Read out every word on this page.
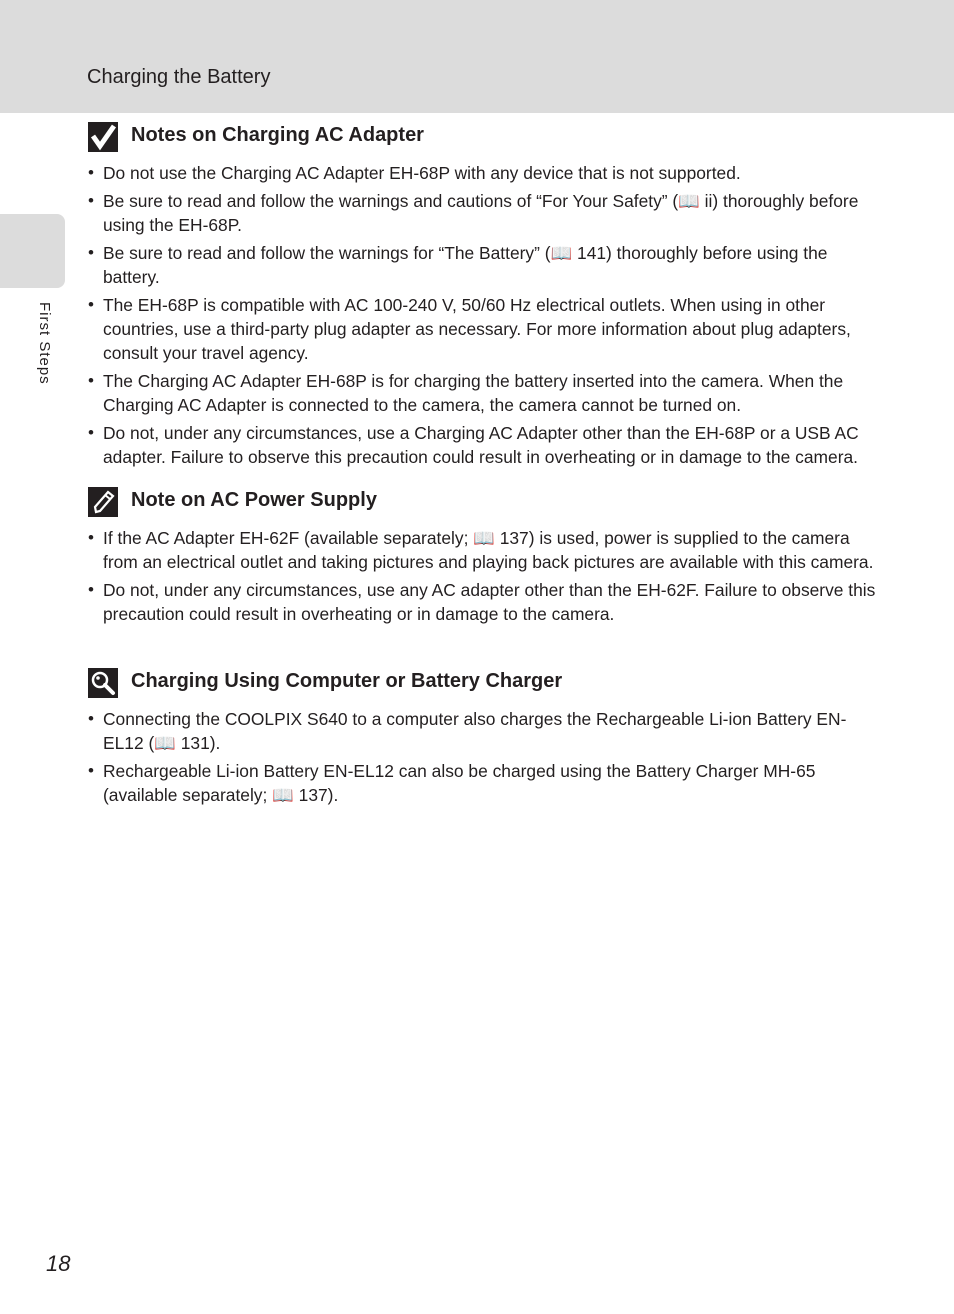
Charging the Battery
First Steps
Notes on Charging AC Adapter
• Do not use the Charging AC Adapter EH-68P with any device that is not supported.
• Be sure to read and follow the warnings and cautions of “For Your Safety” (📖 ii) thoroughly before using the EH-68P.
• Be sure to read and follow the warnings for “The Battery” (📖 141) thoroughly before using the battery.
• The EH-68P is compatible with AC 100-240 V, 50/60 Hz electrical outlets. When using in other countries, use a third-party plug adapter as necessary. For more information about plug adapters, consult your travel agency.
• The Charging AC Adapter EH-68P is for charging the battery inserted into the camera. When the Charging AC Adapter is connected to the camera, the camera cannot be turned on.
• Do not, under any circumstances, use a Charging AC Adapter other than the EH-68P or a USB AC adapter. Failure to observe this precaution could result in overheating or in damage to the camera.
Note on AC Power Supply
• If the AC Adapter EH-62F (available separately; 📖 137) is used, power is supplied to the camera from an electrical outlet and taking pictures and playing back pictures are available with this camera.
• Do not, under any circumstances, use any AC adapter other than the EH-62F. Failure to observe this precaution could result in overheating or in damage to the camera.
Charging Using Computer or Battery Charger
• Connecting the COOLPIX S640 to a computer also charges the Rechargeable Li-ion Battery EN-EL12 (📖 131).
• Rechargeable Li-ion Battery EN-EL12 can also be charged using the Battery Charger MH-65 (available separately; 📖 137).
18
